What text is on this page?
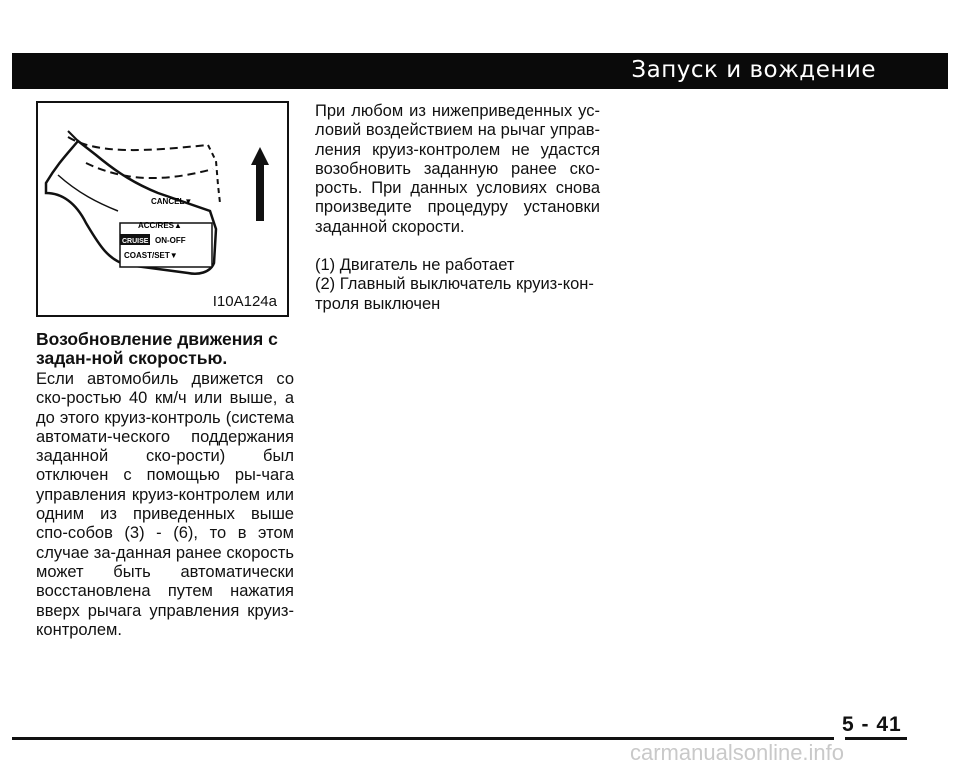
Запуск и вождение
CANCEL▼
ACC/RES▲
CRUISE ON-OFF
COAST/SET▼
I10A124a
Возобновление движения с задан-ной скоростью.
Если автомобиль движется со ско-ростью 40 км/ч или выше, а до этого круиз-контроль (система автомати-ческого поддержания заданной ско-рости) был отключен с помощью ры-чага управления круиз-контролем или одним из приведенных выше спо-собов (3) - (6), то в этом случае за-данная ранее скорость может быть автоматически восстановлена путем нажатия вверх рычага управления круиз-контролем.
При любом из нижеприведенных ус-ловий воздействием на рычаг управ-ления круиз-контролем не удастся возобновить заданную ранее ско-рость. При данных условиях снова произведите процедуру установки заданной скорости.

(1) Двигатель не работает

(2) Главный выключатель круиз-кон-троля выключен

5 - 41
carmanualsonline.info
